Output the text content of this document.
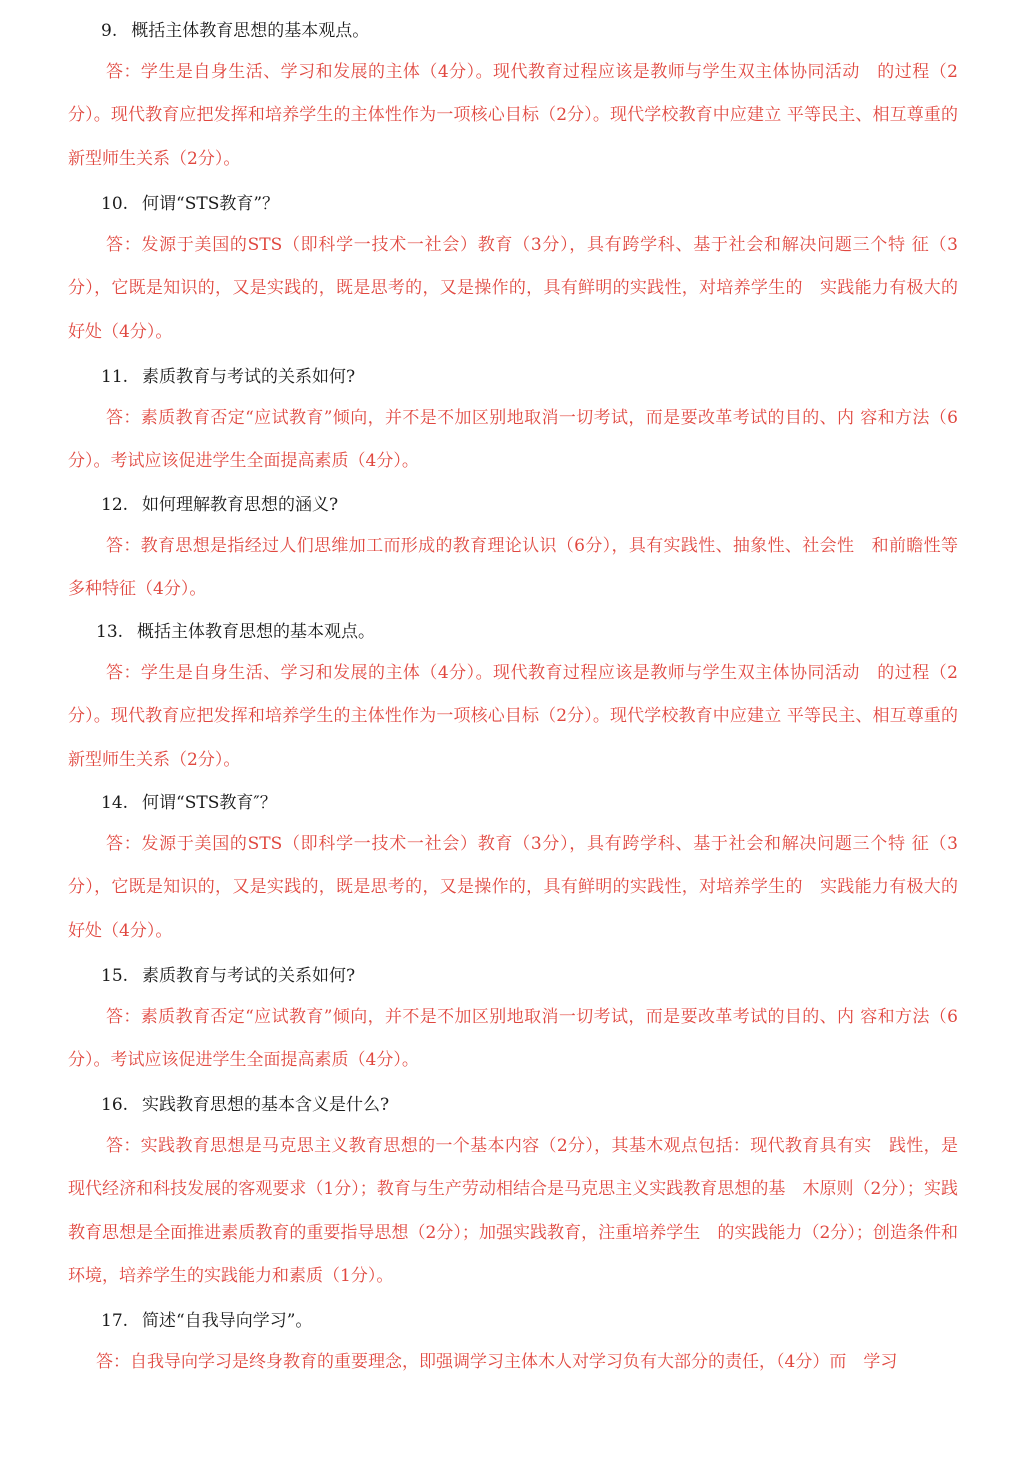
9. 概括主体教育思想的基本观点。

答：学生是自身生活、学习和发展的主体（4分）。现代教育过程应该是教师与学生双主体协同活动　的过程（2分）。现代教育应把发挥和培养学生的主体性作为一项核心目标（2分）。现代学校教育中应建立 平等民主、相互尊重的新型师生关系（2分）。

10. 何谓“STS教育”？

答：发源于美国的STS（即科学一技术一社会）教育（3分），具有跨学科、基于社会和解决问题三个特 征（3分），它既是知识的，又是实践的，既是思考的，又是操作的，具有鲜明的实践性，对培养学生的　实践能力有极大的好处（4分）。

11. 素质教育与考试的关系如何?

答：素质教育否定“应试教育”倾向，并不是不加区别地取消一切考试，而是要改革考试的目的、内 容和方法（6分）。考试应该促进学生全面提高素质（4分）。

12. 如何理解教育思想的涵义?

答：教育思想是指经过人们思维加工而形成的教育理论认识（6分），具有实践性、抽象性、社会性　和前瞻性等多种特征（4分）。

13. 概括主体教育思想的基本观点。

答：学生是自身生活、学习和发展的主体（4分）。现代教育过程应该是教师与学生双主体协同活动　的过程（2分）。现代教育应把发挥和培养学生的主体性作为一项核心目标（2分）。现代学校教育中应建立 平等民主、相互尊重的新型师生关系（2分）。

14. 何谓“STS教育″？

答：发源于美国的STS（即科学一技术一社会）教育（3分），具有跨学科、基于社会和解决问题三个特 征（3分），它既是知识的，又是实践的，既是思考的，又是操作的，具有鲜明的实践性，对培养学生的　实践能力有极大的好处（4分）。

15. 素质教育与考试的关系如何?

答：素质教育否定“应试教育”倾向，并不是不加区别地取消一切考试，而是要改革考试的目的、内 容和方法（6分）。考试应该促进学生全面提高素质（4分）。

16. 实践教育思想的基本含义是什么?

答：实践教育思想是马克思主义教育思想的一个基本内容（2分），其基木观点包括：现代教育具有实　践性，是现代经济和科技发展的客观要求（1分）；教育与生产劳动相结合是马克思主义实践教育思想的基　木原则（2分）；实践教育思想是全面推进素质教育的重要指导思想（2分）；加强实践教育，注重培养学生　的实践能力（2分）；创造条件和环境，培养学生的实践能力和素质（1分）。

17. 简述“自我导向学习”。

答：自我导向学习是终身教育的重要理念，即强调学习主体木人对学习负有大部分的责任，（4分）而　学习
